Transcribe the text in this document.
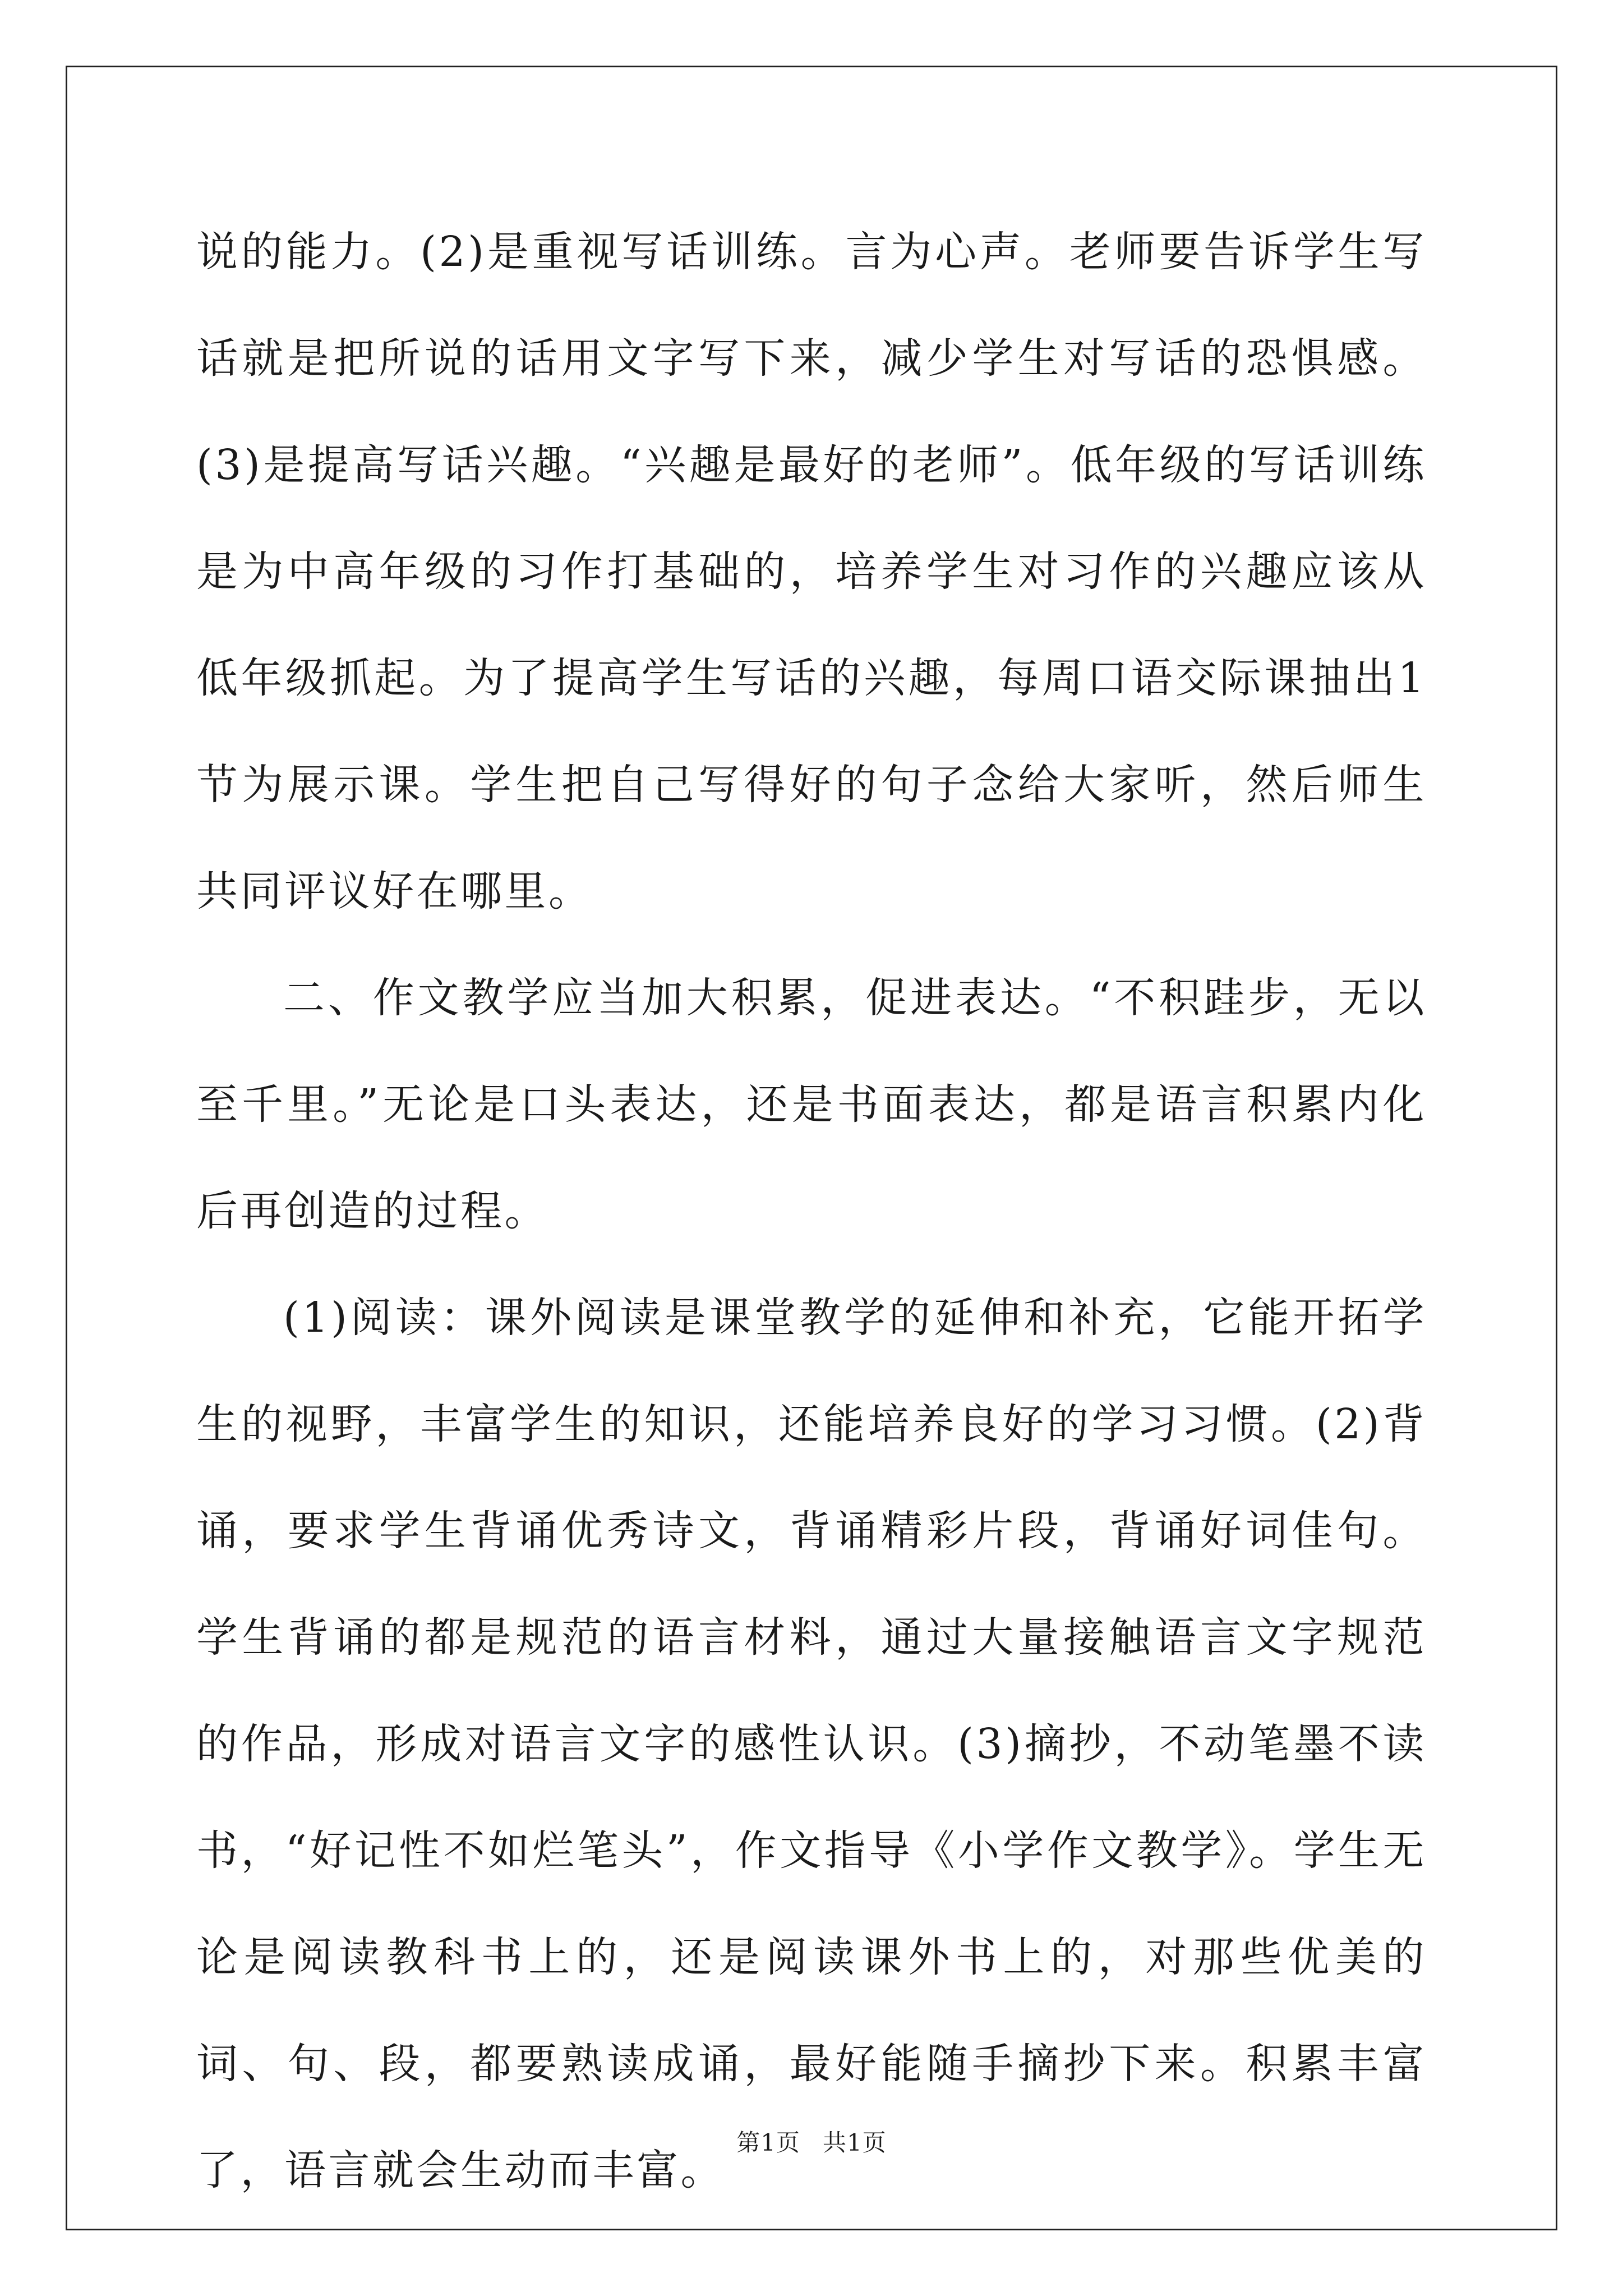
说的能力。(2)是重视写话训练。言为心声。老师要告诉学生写话就是把所说的话用文字写下来，减少学生对写话的恐惧感。(3)是提高写话兴趣。“兴趣是最好的老师”。低年级的写话训练是为中高年级的习作打基础的，培养学生对习作的兴趣应该从低年级抓起。为了提高学生写话的兴趣，每周口语交际课抽出1节为展示课。学生把自己写得好的句子念给大家听，然后师生共同评议好在哪里。

二、作文教学应当加大积累，促进表达。“不积跬步，无以至千里。”无论是口头表达，还是书面表达，都是语言积累内化后再创造的过程。

(1)阅读：课外阅读是课堂教学的延伸和补充，它能开拓学生的视野，丰富学生的知识，还能培养良好的学习习惯。(2)背诵，要求学生背诵优秀诗文，背诵精彩片段，背诵好词佳句。学生背诵的都是规范的语言材料，通过大量接触语言文字规范的作品，形成对语言文字的感性认识。(3)摘抄，不动笔墨不读书，“好记性不如烂笔头”，作文指导《小学作文教学》。学生无论是阅读教科书上的，还是阅读课外书上的，对那些优美的词、句、段，都要熟读成诵，最好能随手摘抄下来。积累丰富了，语言就会生动而丰富。

第1页 共1页
